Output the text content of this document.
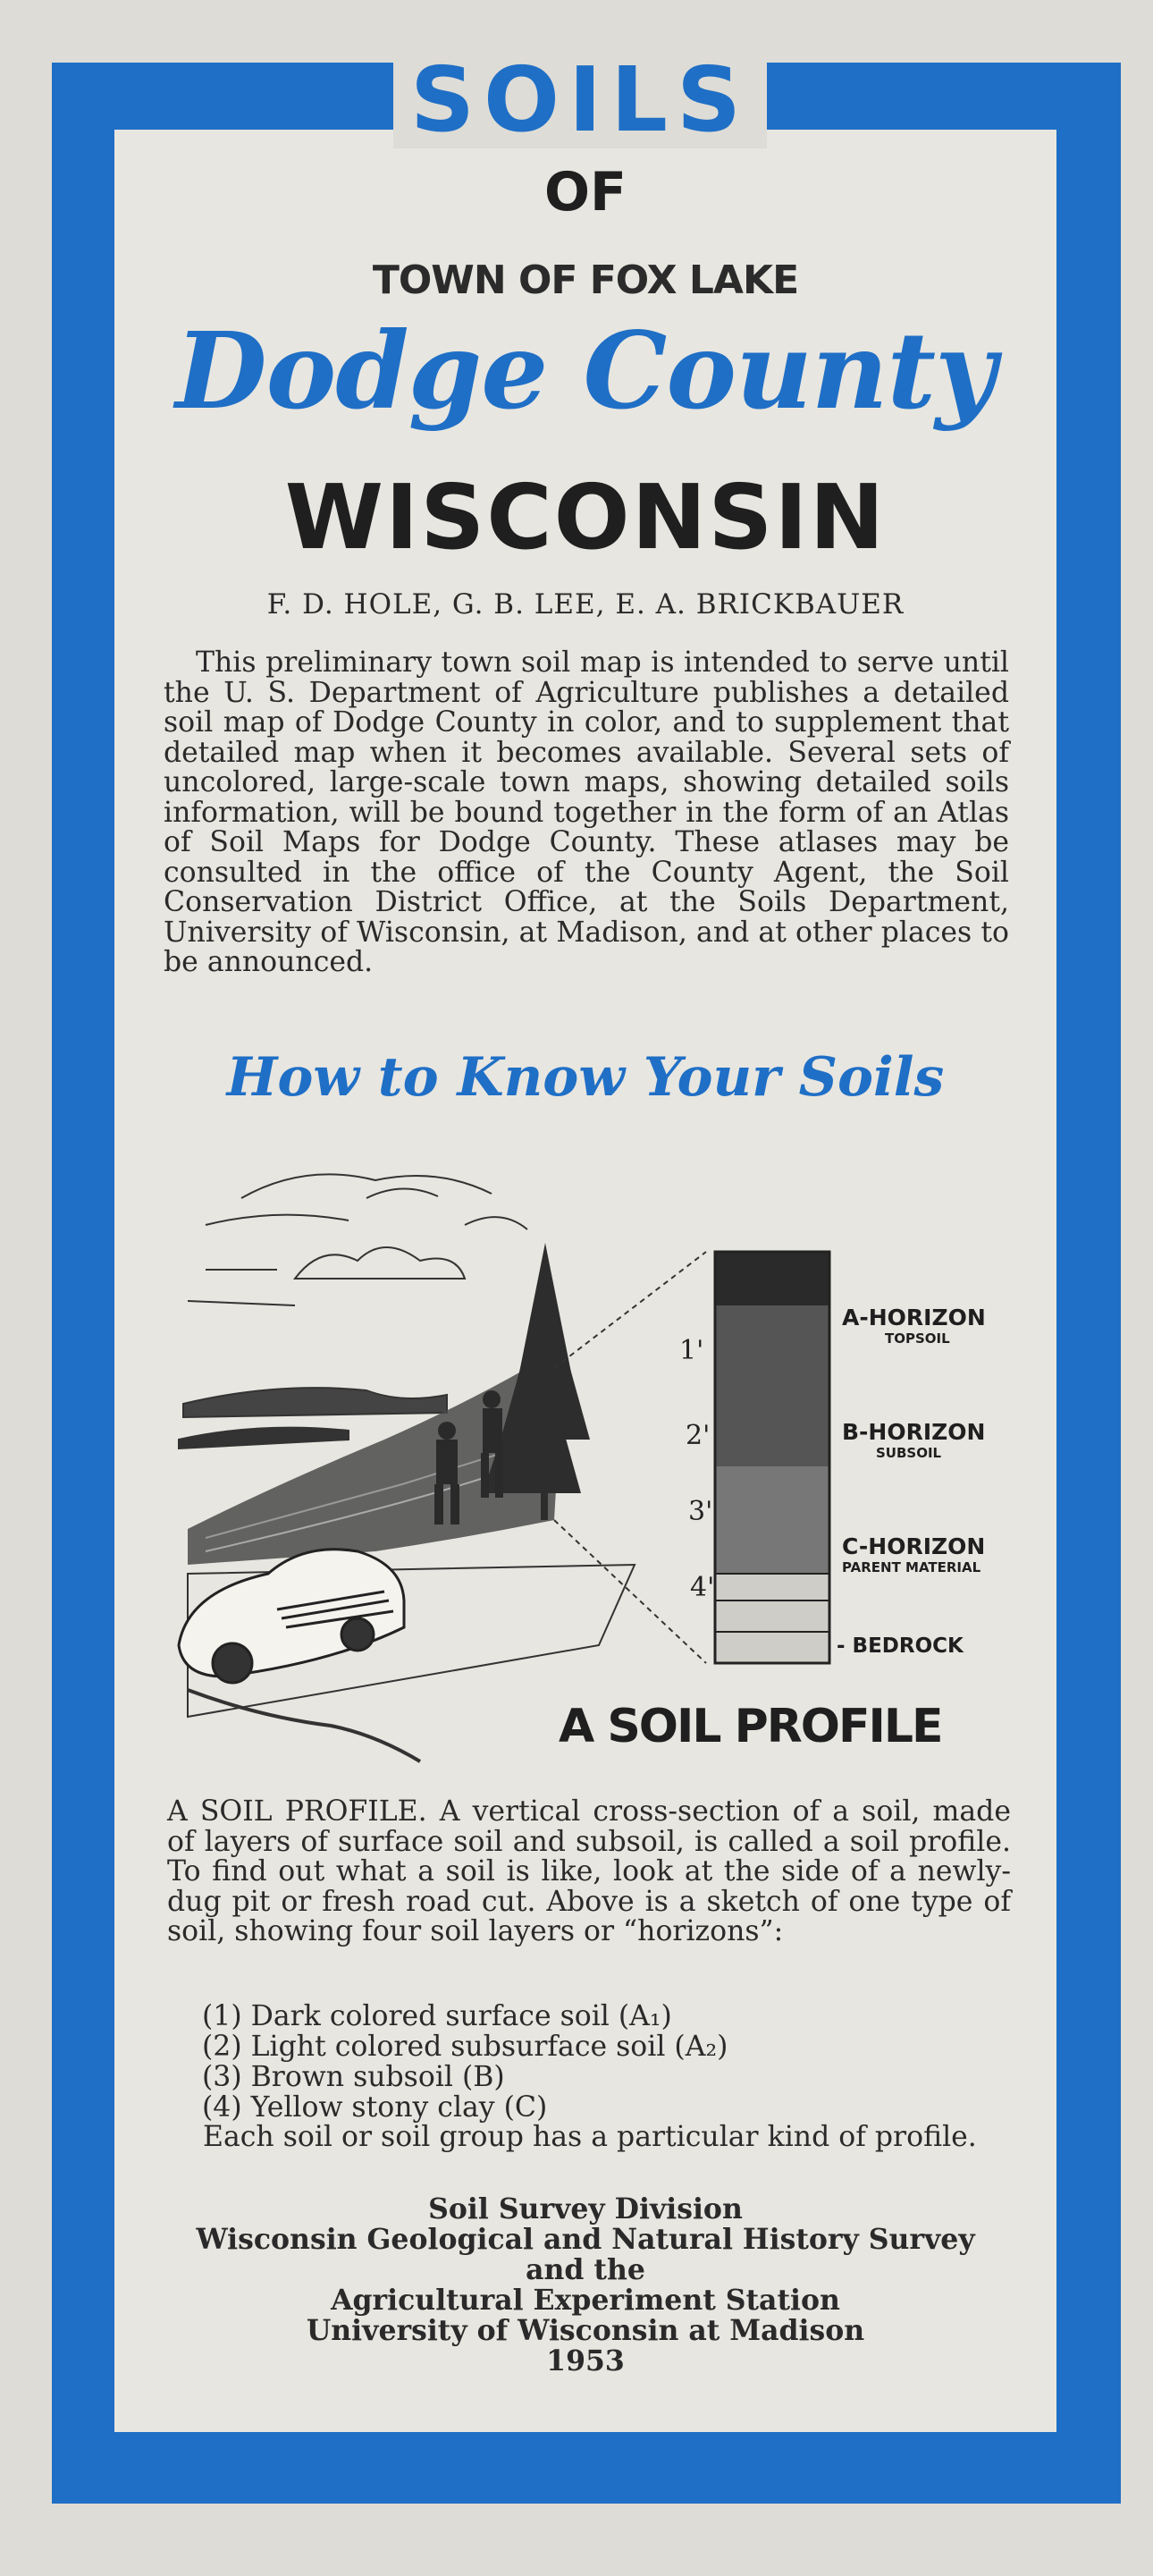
SOILS
OF
TOWN OF FOX LAKE
Dodge County
WISCONSIN
F. D. HOLE, G. B. LEE, E. A. BRICKBAUER
This preliminary town soil map is intended to serve until the U. S. Department of Agriculture publishes a detailed soil map of Dodge County in color, and to supplement that detailed map when it becomes available. Several sets of uncolored, large-scale town maps, showing detailed soils information, will be bound together in the form of an Atlas of Soil Maps for Dodge County. These atlases may be consulted in the office of the County Agent, the Soil Conservation District Office, at the Soils Department, University of Wisconsin, at Madison, and at other places to be announced.
How to Know Your Soils
1'
2'
3'
4'
A-HORIZON
TOPSOIL
B-HORIZON
SUBSOIL
C-HORIZON
PARENT MATERIAL
- BEDROCK
A SOIL PROFILE
A SOIL PROFILE. A vertical cross-section of a soil, made of layers of surface soil and subsoil, is called a soil profile. To find out what a soil is like, look at the side of a newly-dug pit or fresh road cut. Above is a sketch of one type of soil, showing four soil layers or “horizons”:
(1) Dark colored surface soil (A₁)
(2) Light colored subsurface soil (A₂)
(3) Brown subsoil (B)
(4) Yellow stony clay (C)
Each soil or soil group has a particular kind of profile.
Soil Survey Division
Wisconsin Geological and Natural History Survey
and the
Agricultural Experiment Station
University of Wisconsin at Madison
1953
